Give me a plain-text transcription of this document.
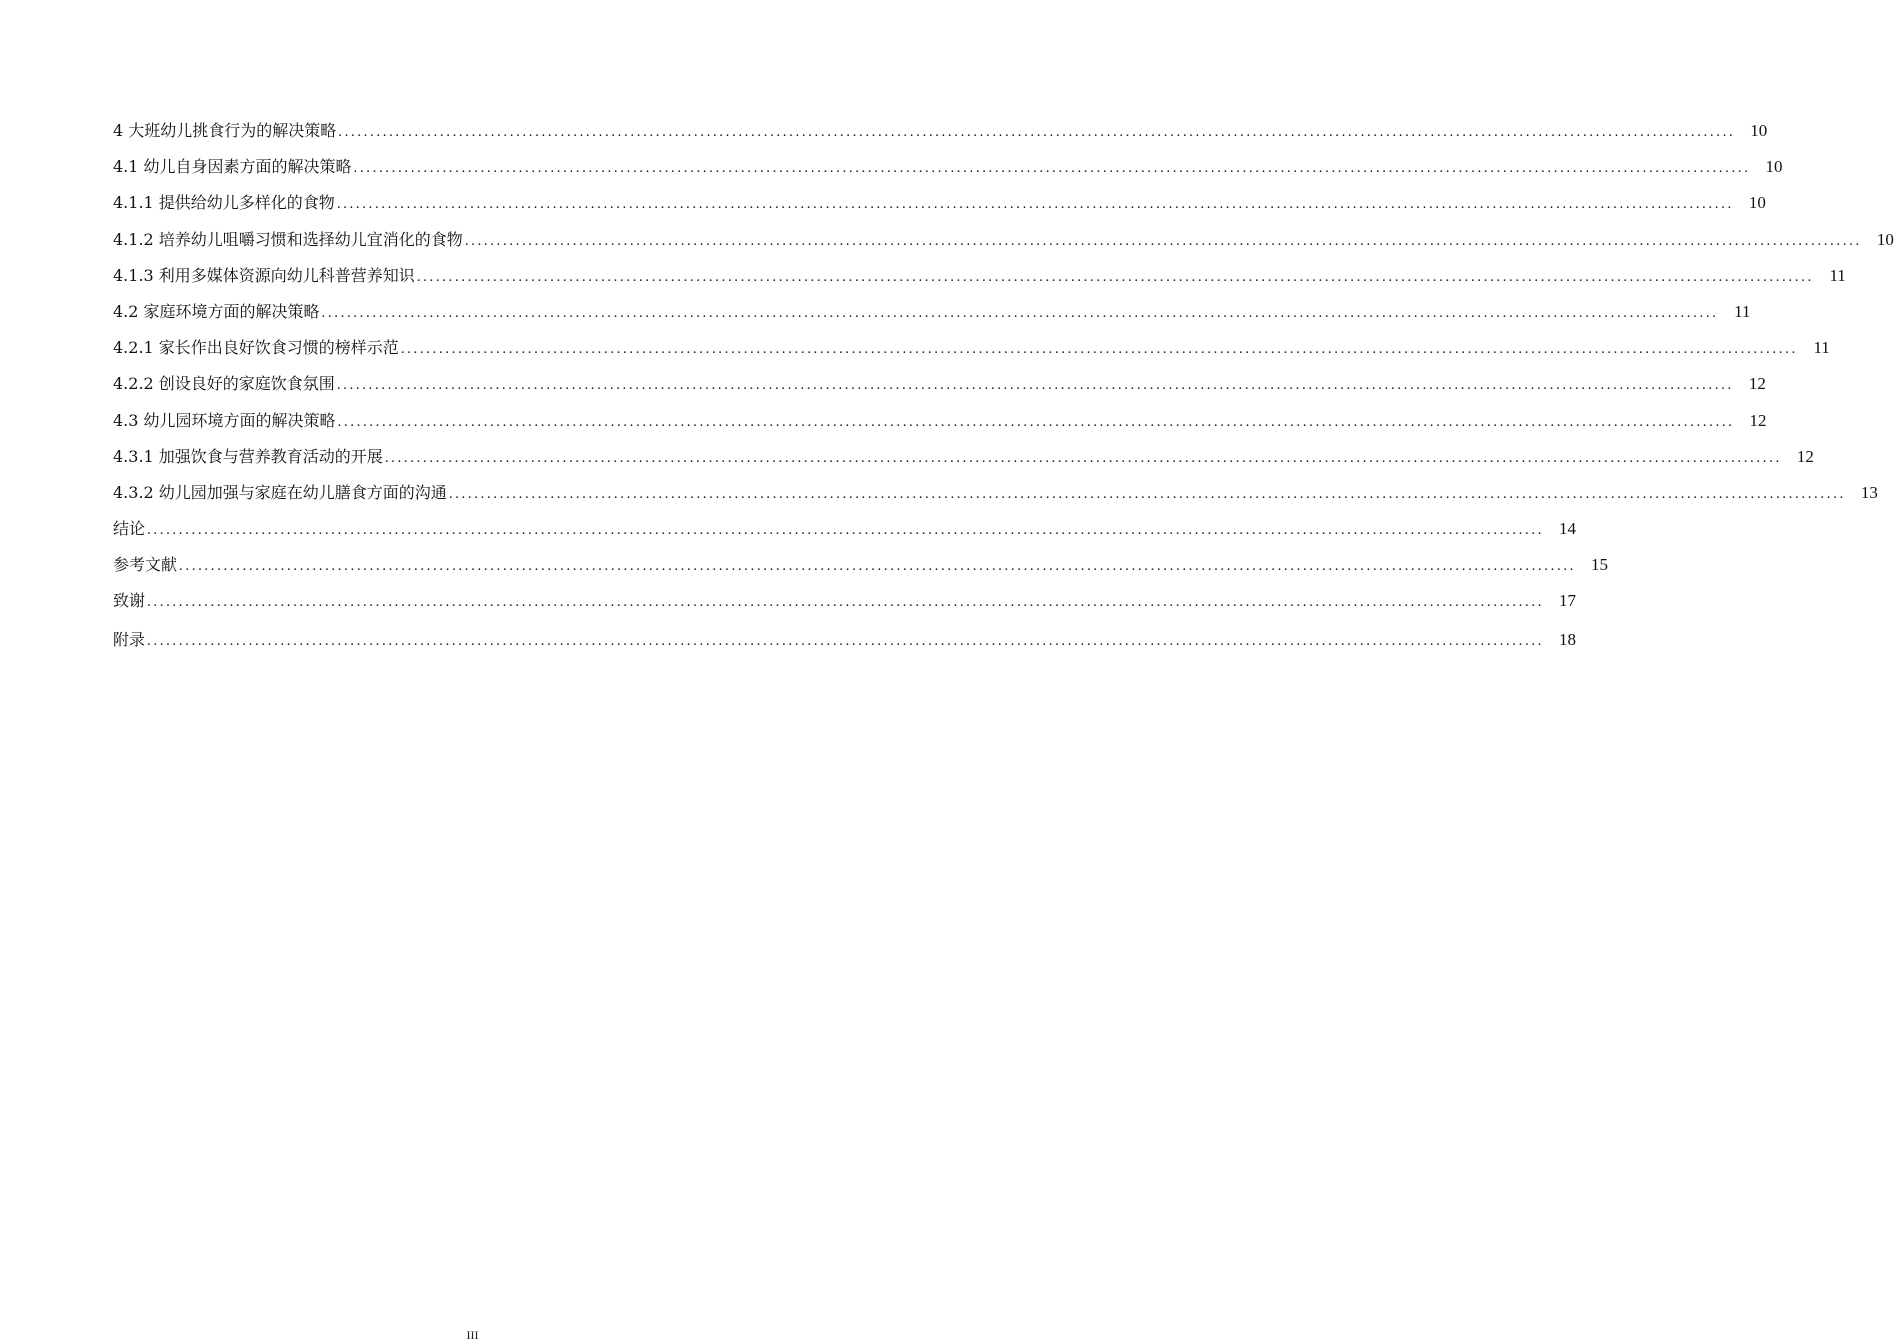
4 大班幼儿挑食行为的解决策略 ............................................................................................................................................................................................................................ 10
4.1 幼儿自身因素方面的解决策略 ............................................................................................................................................................................................................................ 10
4.1.1 提供给幼儿多样化的食物 ............................................................................................................................................................................................................................ 10
4.1.2 培养幼儿咀嚼习惯和选择幼儿宜消化的食物 ............................................................................................................................................................................................................................ 10
4.1.3 利用多媒体资源向幼儿科普营养知识 ............................................................................................................................................................................................................................ 11
4.2 家庭环境方面的解决策略 ............................................................................................................................................................................................................................ 11
4.2.1 家长作出良好饮食习惯的榜样示范 ............................................................................................................................................................................................................................ 11
4.2.2 创设良好的家庭饮食氛围 ............................................................................................................................................................................................................................ 12
4.3 幼儿园环境方面的解决策略 ............................................................................................................................................................................................................................ 12
4.3.1 加强饮食与营养教育活动的开展 ............................................................................................................................................................................................................................ 12
4.3.2 幼儿园加强与家庭在幼儿膳食方面的沟通 ............................................................................................................................................................................................................................ 13
结论 ............................................................................................................................................................................................................................ 14
参考文献 ............................................................................................................................................................................................................................ 15
致谢 ............................................................................................................................................................................................................................ 17
附录 ............................................................................................................................................................................................................................ 18
III
